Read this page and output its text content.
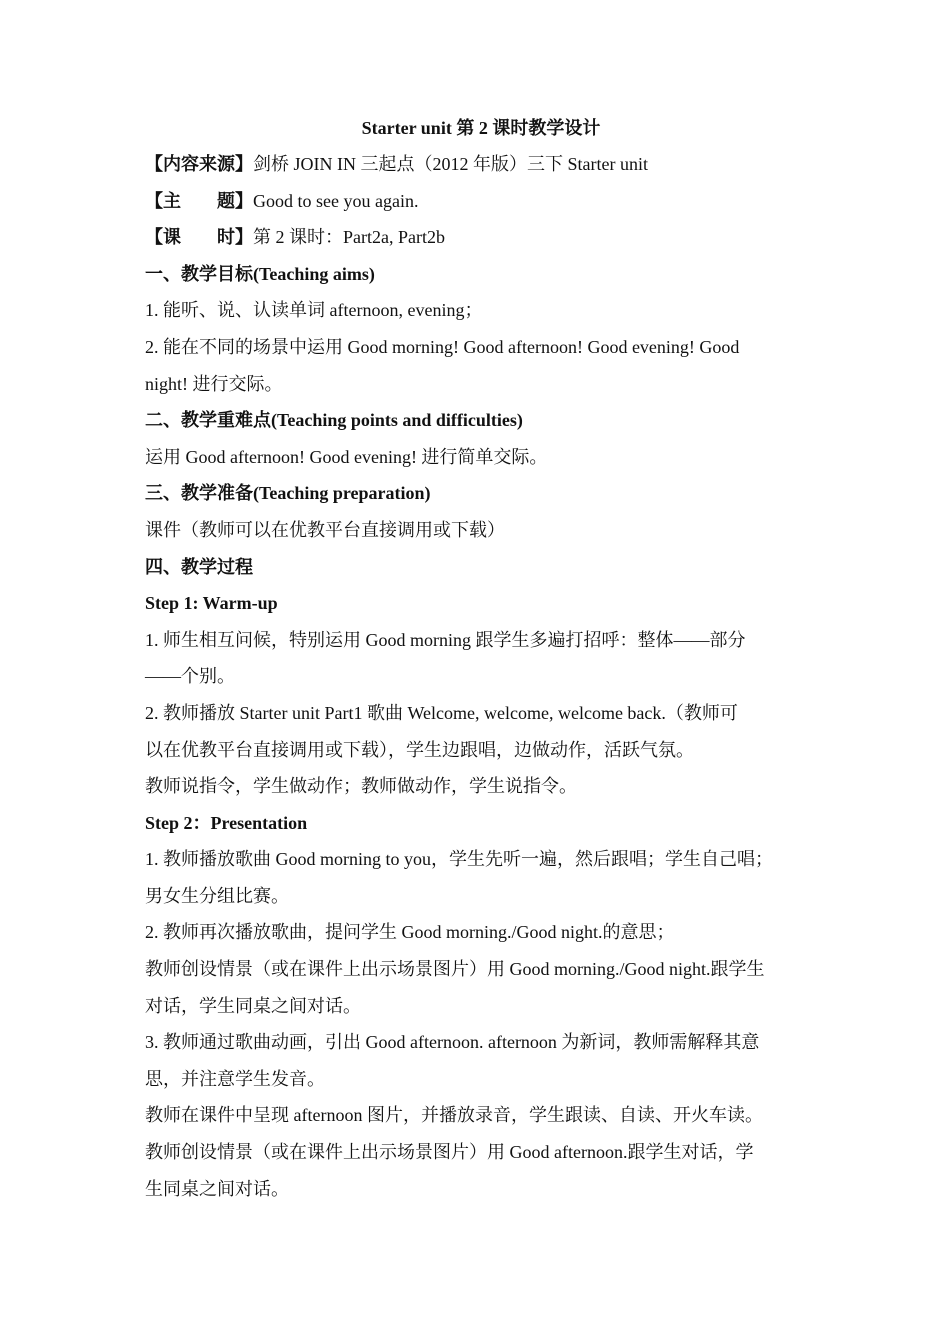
Starter unit 第 2 课时教学设计

【内容来源】剑桥 JOIN IN 三起点（2012 年版）三下 Starter unit

【主　　题】Good to see you again.

【课　　时】第 2 课时：Part2a, Part2b

一、教学目标(Teaching aims)

1. 能听、说、认读单词 afternoon, evening；

2. 能在不同的场景中运用 Good morning! Good afternoon! Good evening! Good

night! 进行交际。

二、教学重难点(Teaching points and difficulties)

运用 Good afternoon! Good evening! 进行简单交际。

三、教学准备(Teaching preparation)

课件（教师可以在优教平台直接调用或下载）

四、教学过程

Step 1: Warm-up

1. 师生相互问候，特别运用 Good morning 跟学生多遍打招呼：整体——部分

——个别。

2. 教师播放 Starter unit Part1 歌曲 Welcome, welcome, welcome back.（教师可

以在优教平台直接调用或下载），学生边跟唱，边做动作，活跃气氛。

教师说指令，学生做动作；教师做动作，学生说指令。

Step 2：Presentation

1. 教师播放歌曲 Good morning to you，学生先听一遍，然后跟唱；学生自己唱；

男女生分组比赛。

2. 教师再次播放歌曲，提问学生 Good morning./Good night.的意思；

教师创设情景（或在课件上出示场景图片）用 Good morning./Good night.跟学生

对话，学生同桌之间对话。

3. 教师通过歌曲动画，引出 Good afternoon. afternoon 为新词，教师需解释其意

思，并注意学生发音。

教师在课件中呈现 afternoon 图片，并播放录音，学生跟读、自读、开火车读。

教师创设情景（或在课件上出示场景图片）用 Good afternoon.跟学生对话，学

生同桌之间对话。
